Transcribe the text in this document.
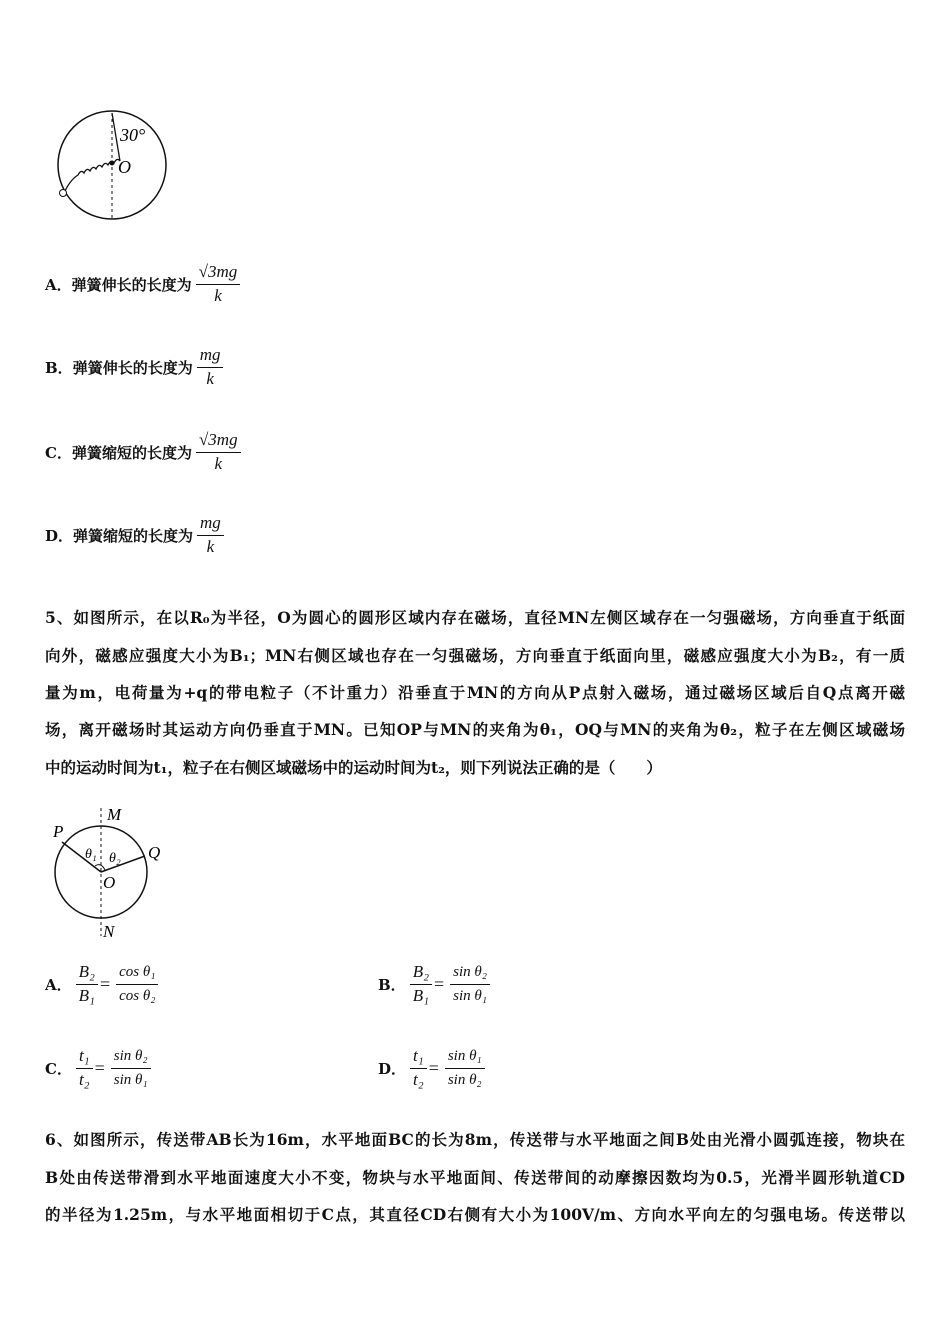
30°
O
A． 弹簧伸长的长度为 $\frac{√3mg}{k}$
B． 弹簧伸长的长度为 $\frac{mg}{k}$
C． 弹簧缩短的长度为 $\frac{√3mg}{k}$
D． 弹簧缩短的长度为 $\frac{mg}{k}$
5、如图所示，在以R₀为半径，O为圆心的圆形区域内存在磁场，直径MN左侧区域存在一匀强磁场，方向垂直于纸面
向外，磁感应强度大小为B₁；MN右侧区域也存在一匀强磁场，方向垂直于纸面向里，磁感应强度大小为B₂，有一质
量为m，电荷量为+q的带电粒子（不计重力）沿垂直于MN的方向从P点射入磁场，通过磁场区域后自Q点离开磁
场，离开磁场时其运动方向仍垂直于MN。已知OP与MN的夹角为θ₁，OQ与MN的夹角为θ₂，粒子在左侧区域磁场
中的运动时间为t₁，粒子在右侧区域磁场中的运动时间为t₂，则下列说法正确的是（　　）
M
N
P
Q
O
θ₁ θ₂
A． $\frac{\text{B₂}}{\text{B₁}} = \frac{\text{cos θ₁}}{\text{cos θ₂}}$	B． $\frac{\text{B₂}}{\text{B₁}} = \frac{\text{sin θ₂}}{\text{sin θ₁}}$
C． $\frac{\text{t₁}}{\text{t₂}} = \frac{\text{sin θ₂}}{\text{sin θ₁}}$	D． $\frac{\text{t₁}}{\text{t₂}} = \frac{\text{sin θ₁}}{\text{sin θ₂}}$
6、如图所示，传送带AB长为16m，水平地面BC的长为8m，传送带与水平地面之间B处由光滑小圆弧连接，物块在
B处由传送带滑到水平地面速度大小不变，物块与水平地面间、传送带间的动摩擦因数均为0.5，光滑半圆形轨道CD
的半径为1.25m，与水平地面相切于C点，其直径CD右侧有大小为100V/m、方向水平向左的匀强电场。传送带以
